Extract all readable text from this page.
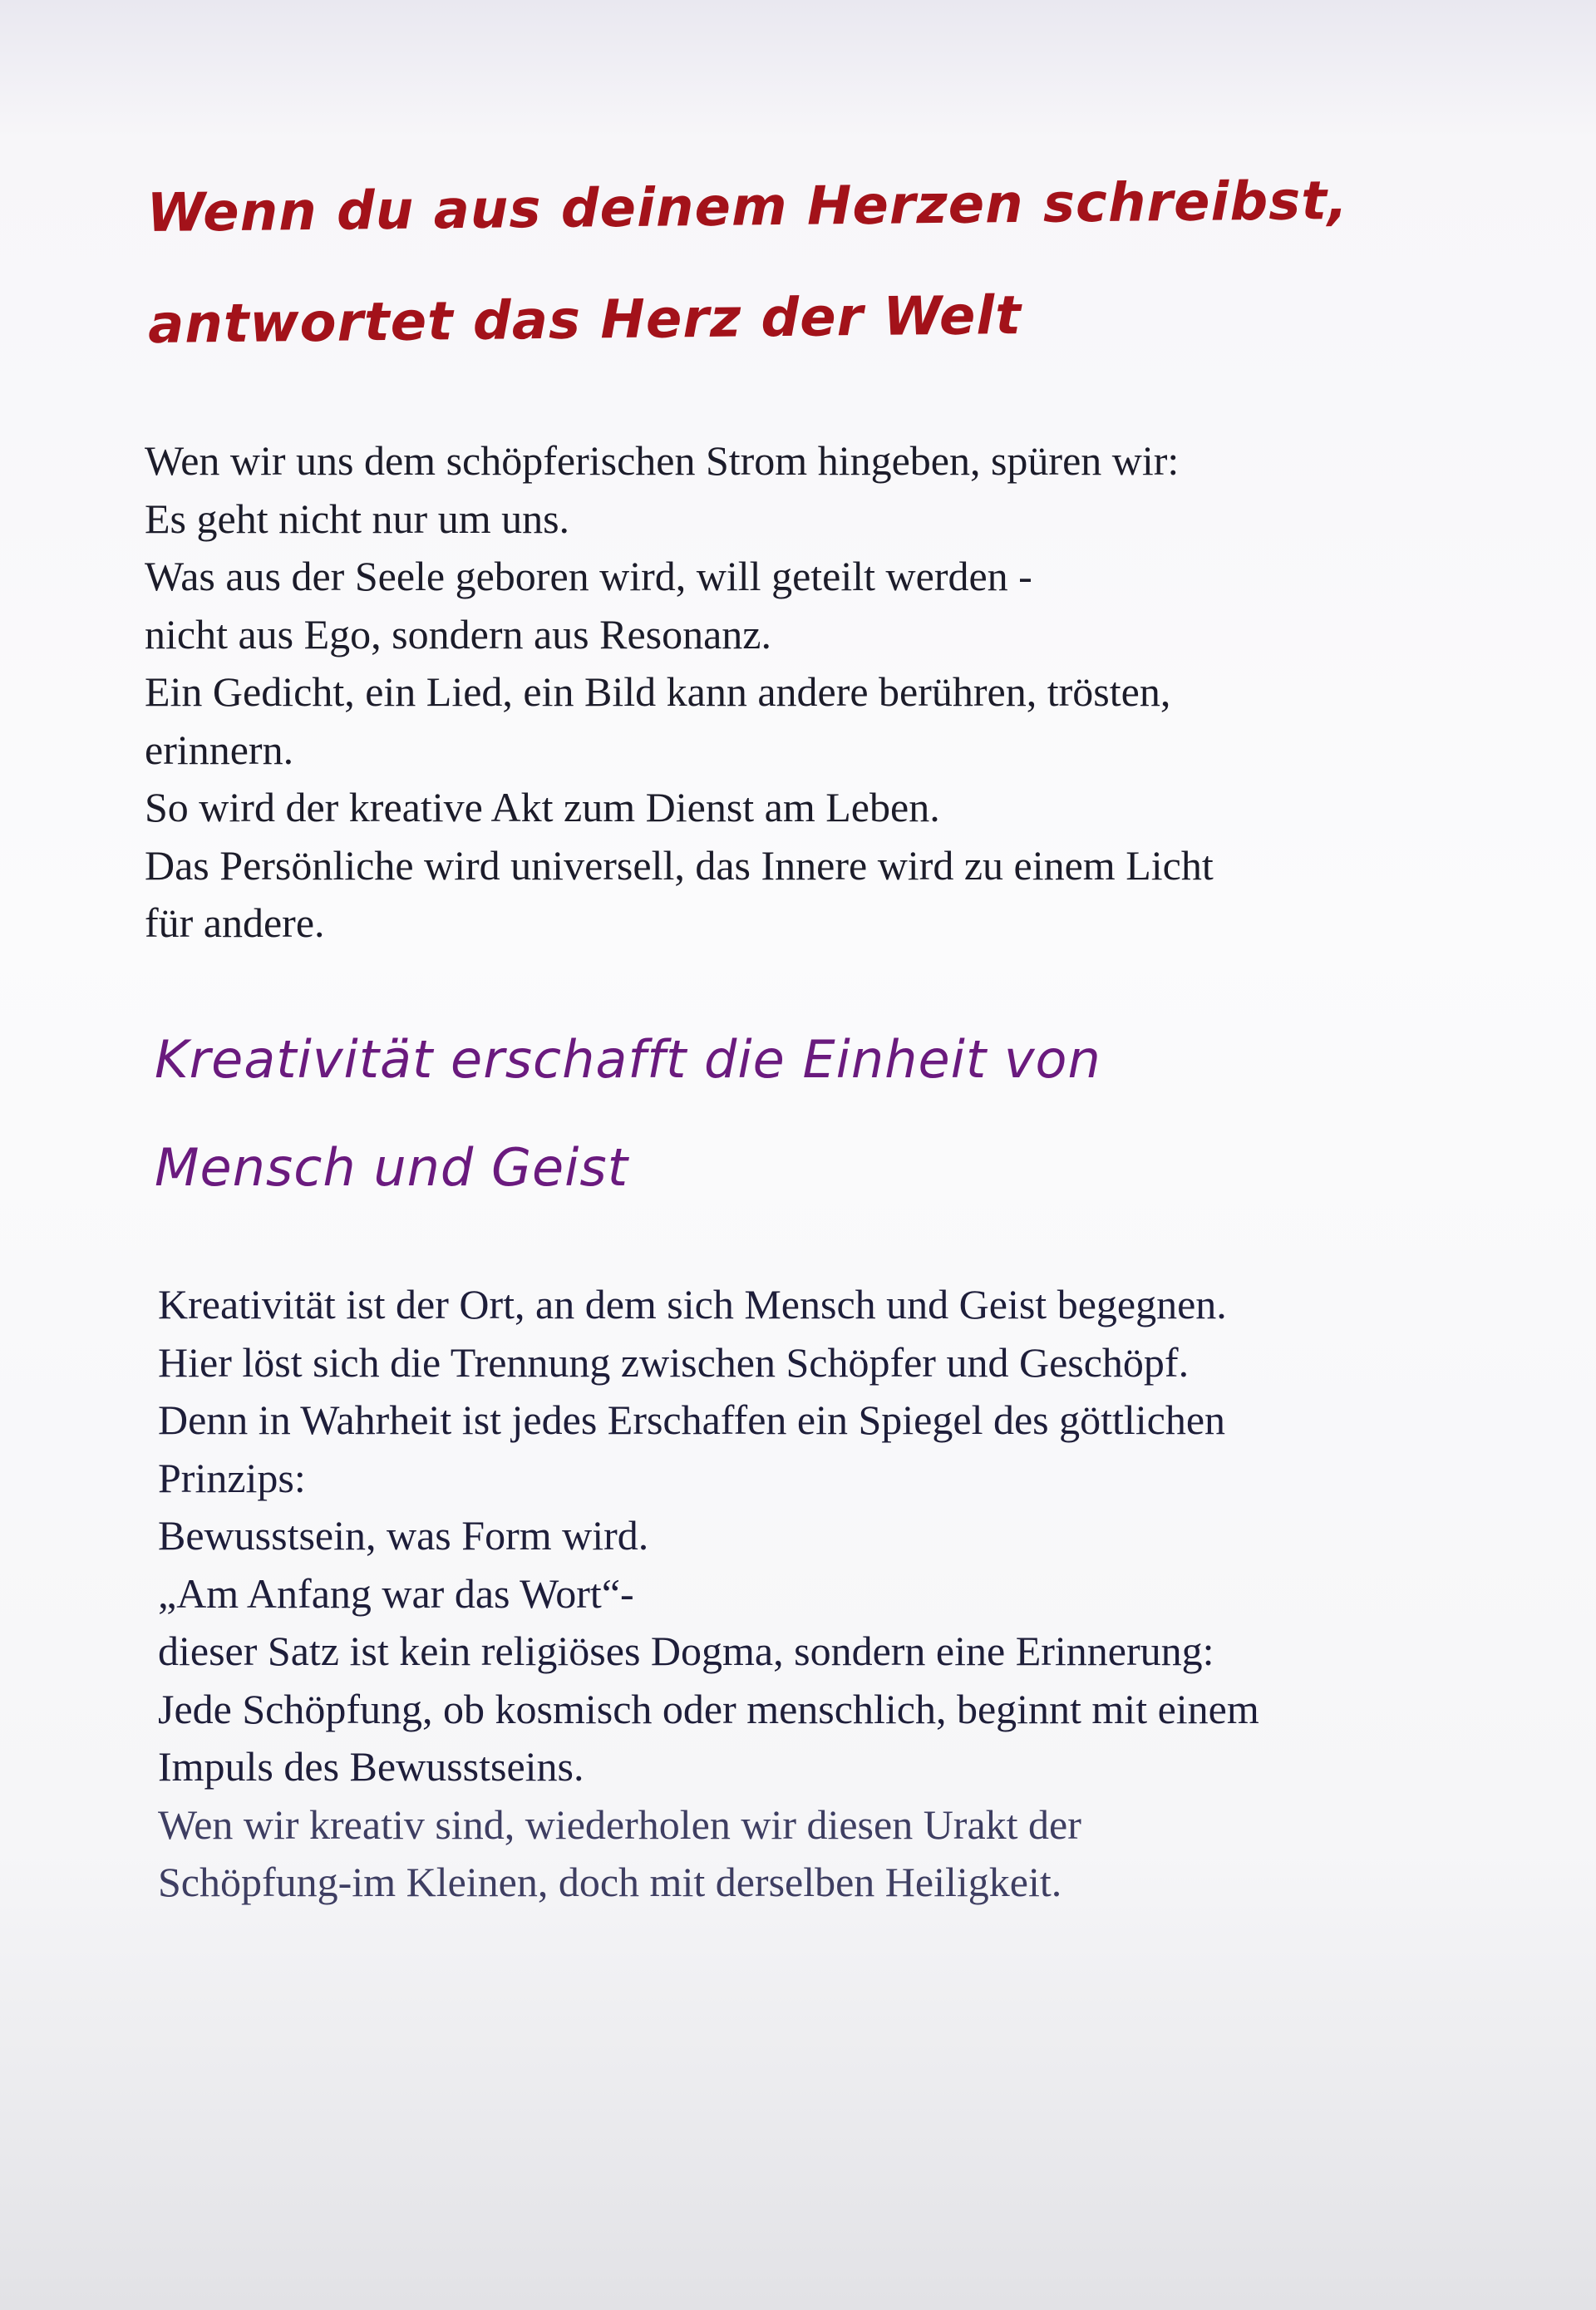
Wenn du aus deinem Herzen schreibst,
antwortet das Herz der Welt

Wen wir uns dem schöpferischen Strom hingeben, spüren wir:
Es geht nicht nur um uns.
Was aus der Seele geboren wird, will geteilt werden -
nicht aus Ego, sondern aus Resonanz.
Ein Gedicht, ein Lied, ein Bild kann andere berühren, trösten,
erinnern.
So wird der kreative Akt zum Dienst am Leben.
Das Persönliche wird universell, das Innere wird zu einem Licht
für andere.

Kreativität erschafft die Einheit von
Mensch und Geist

Kreativität ist der Ort, an dem sich Mensch und Geist begegnen.
Hier löst sich die Trennung zwischen Schöpfer und Geschöpf.
Denn in Wahrheit ist jedes Erschaffen ein Spiegel des göttlichen
Prinzips:
Bewusstsein, was Form wird.
„Am Anfang war das Wort“-
dieser Satz ist kein religiöses Dogma, sondern eine Erinnerung:
Jede Schöpfung, ob kosmisch oder menschlich, beginnt mit einem
Impuls des Bewusstseins.
Wen wir kreativ sind, wiederholen wir diesen Urakt der
Schöpfung-im Kleinen, doch mit derselben Heiligkeit.
